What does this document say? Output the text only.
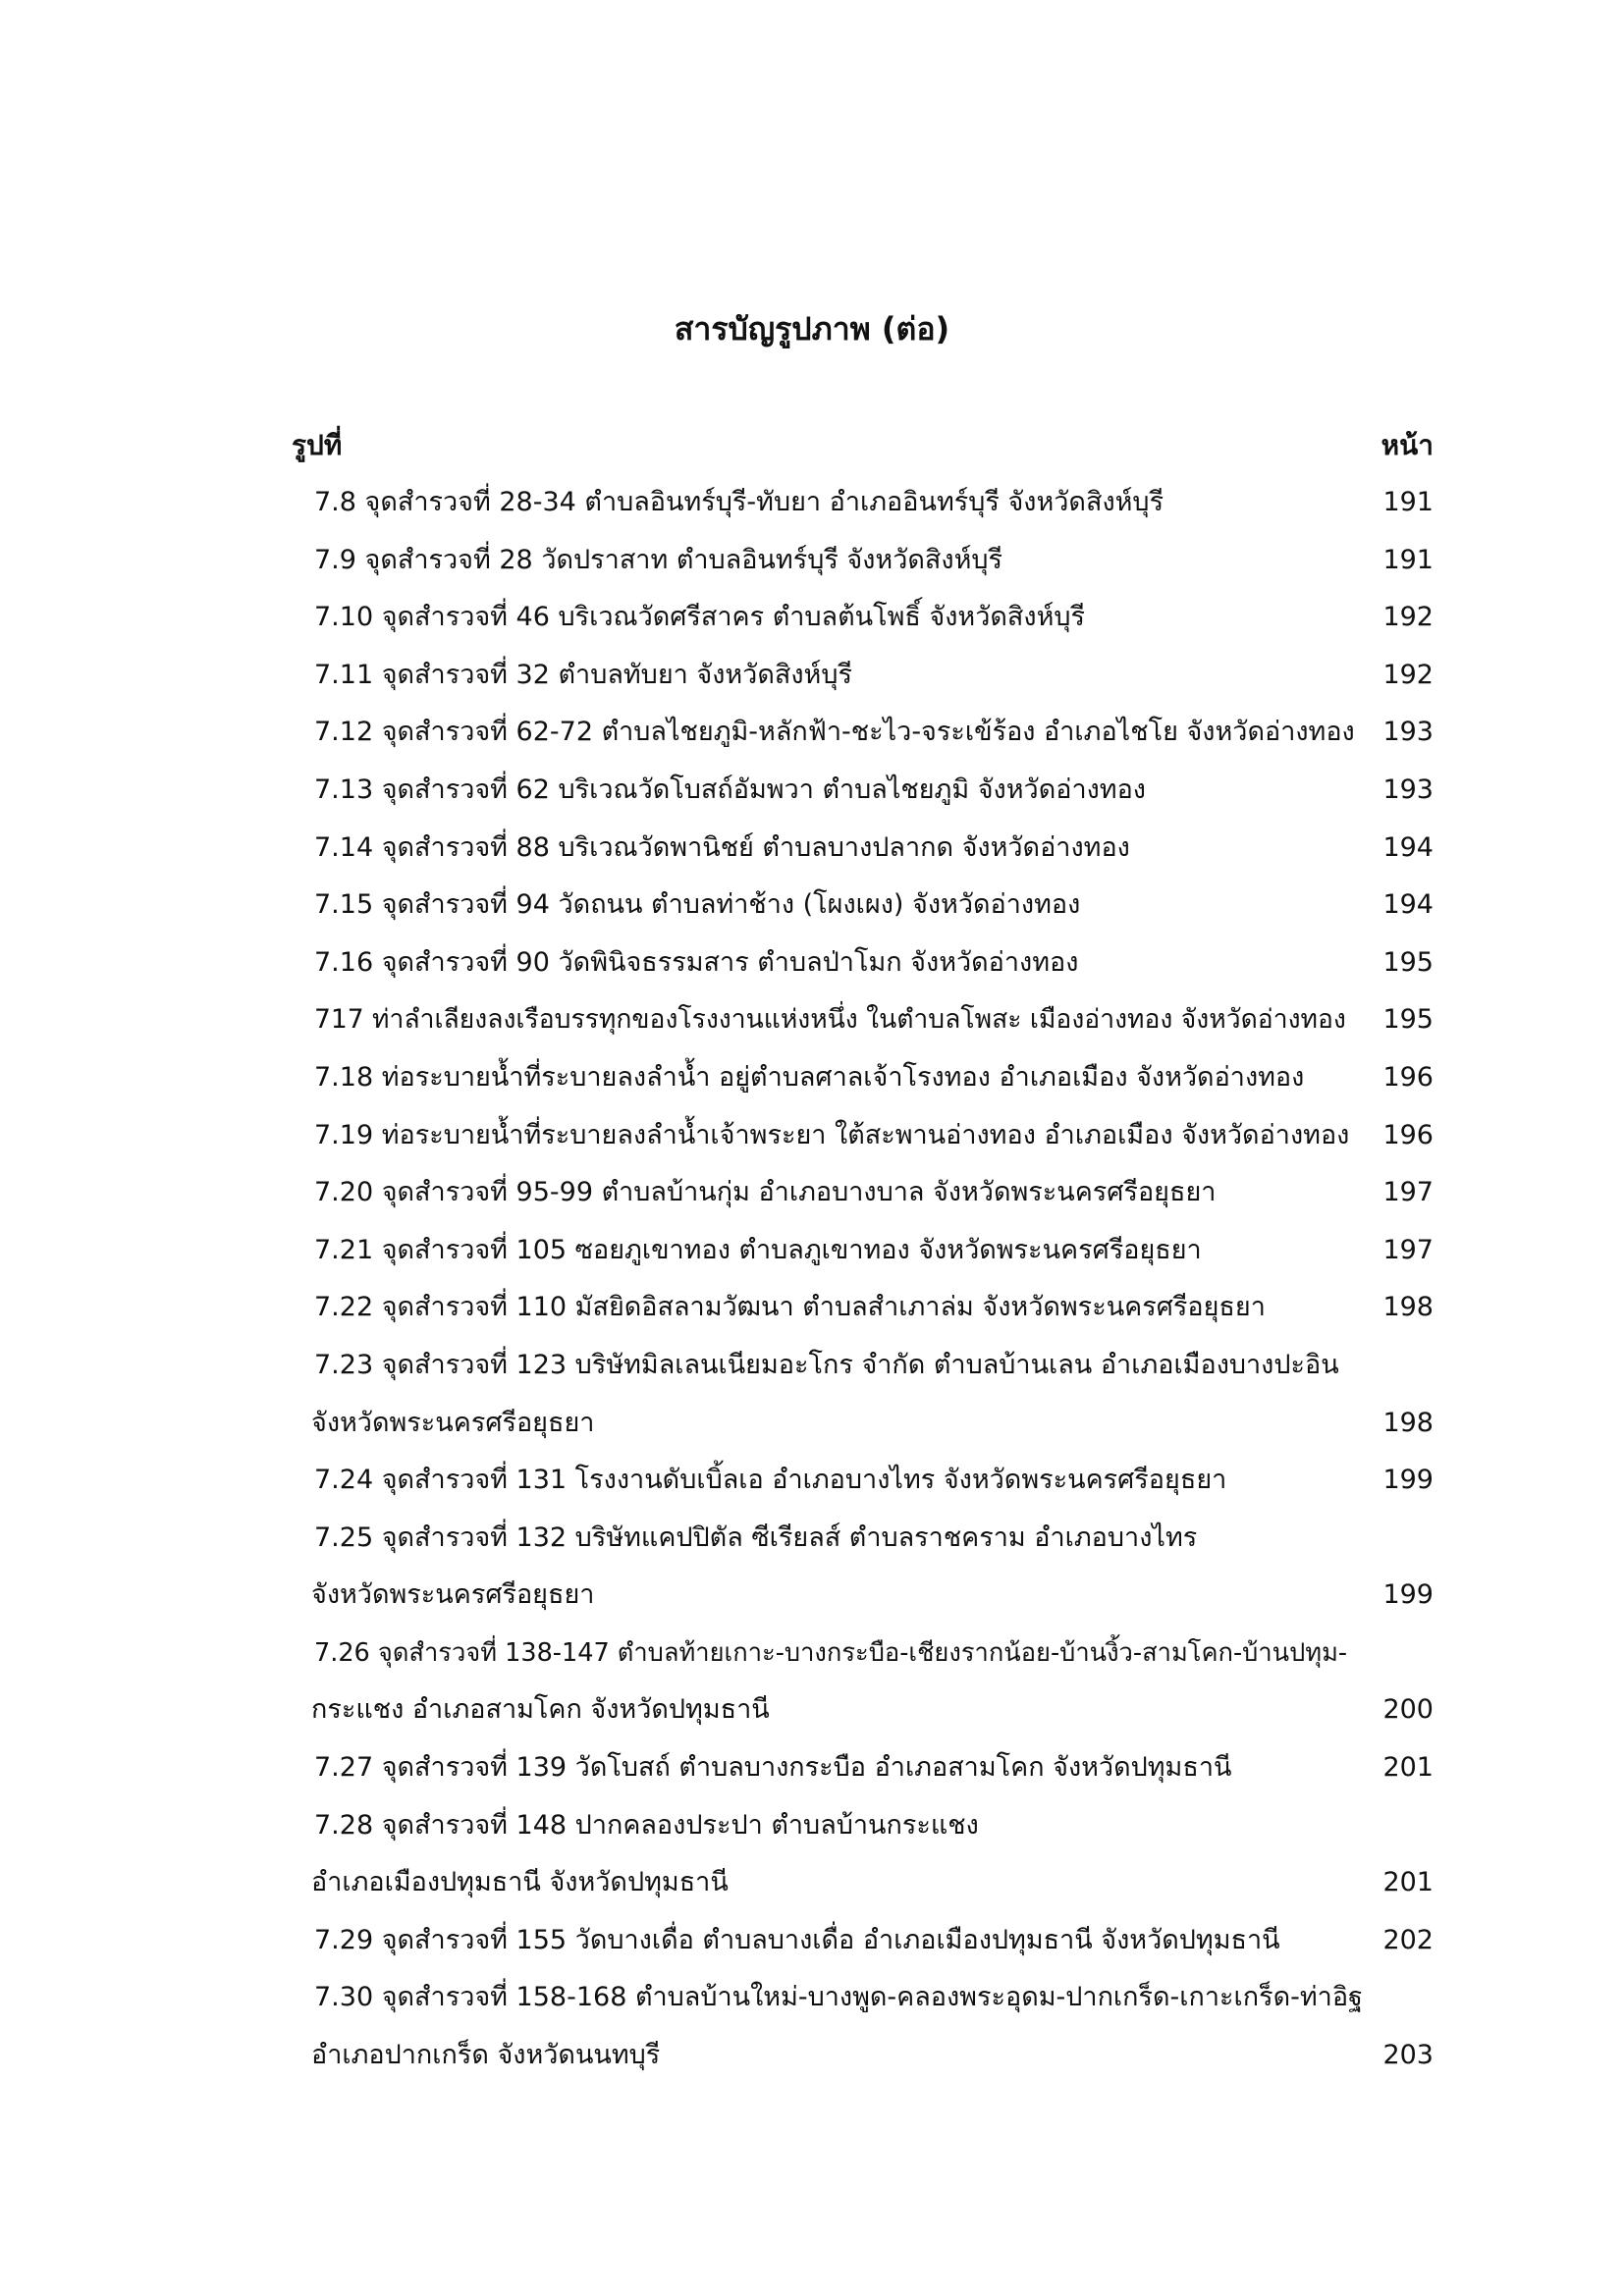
สารบัญรูปภาพ (ต่อ)
รูปที่	หน้า
7.8 จุดสำรวจที่ 28-34 ตำบลอินทร์บุรี-ทับยา อำเภออินทร์บุรี จังหวัดสิงห์บุรี	191
7.9 จุดสำรวจที่ 28 วัดปราสาท ตำบลอินทร์บุรี จังหวัดสิงห์บุรี	191
7.10 จุดสำรวจที่ 46 บริเวณวัดศรีสาคร ตำบลต้นโพธิ์ จังหวัดสิงห์บุรี	192
7.11 จุดสำรวจที่ 32 ตำบลทับยา จังหวัดสิงห์บุรี	192
7.12 จุดสำรวจที่ 62-72 ตำบลไชยภูมิ-หลักฟ้า-ชะไว-จระเข้ร้อง อำเภอไชโย จังหวัดอ่างทอง 193
7.13 จุดสำรวจที่ 62 บริเวณวัดโบสถ์อัมพวา ตำบลไชยภูมิ จังหวัดอ่างทอง	193
7.14 จุดสำรวจที่ 88 บริเวณวัดพานิชย์ ตำบลบางปลากด จังหวัดอ่างทอง	194
7.15 จุดสำรวจที่ 94 วัดถนน ตำบลท่าช้าง (โผงเผง) จังหวัดอ่างทอง	194
7.16 จุดสำรวจที่ 90 วัดพินิจธรรมสาร ตำบลป่าโมก จังหวัดอ่างทอง	195
717 ท่าลำเลียงลงเรือบรรทุกของโรงงานแห่งหนึ่ง ในตำบลโพสะ เมืองอ่างทอง จังหวัดอ่างทอง 195
7.18 ท่อระบายน้ำที่ระบายลงลำน้ำ อยู่ตำบลศาลเจ้าโรงทอง อำเภอเมือง จังหวัดอ่างทอง	196
7.19 ท่อระบายน้ำที่ระบายลงลำน้ำเจ้าพระยา ใต้สะพานอ่างทอง อำเภอเมือง จังหวัดอ่างทอง 196
7.20 จุดสำรวจที่ 95-99 ตำบลบ้านกุ่ม อำเภอบางบาล จังหวัดพระนครศรีอยุธยา	197
7.21 จุดสำรวจที่ 105 ซอยภูเขาทอง ตำบลภูเขาทอง จังหวัดพระนครศรีอยุธยา	197
7.22 จุดสำรวจที่ 110 มัสยิดอิสลามวัฒนา ตำบลสำเภาล่ม จังหวัดพระนครศรีอยุธยา	198
7.23 จุดสำรวจที่ 123 บริษัทมิลเลนเนียมอะโกร จำกัด ตำบลบ้านเลน อำเภอเมืองบางปะอิน
จังหวัดพระนครศรีอยุธยา	198
7.24 จุดสำรวจที่ 131 โรงงานดับเบิ้ลเอ อำเภอบางไทร จังหวัดพระนครศรีอยุธยา	199
7.25 จุดสำรวจที่ 132 บริษัทแคปปิตัล ซีเรียลส์ ตำบลราชคราม อำเภอบางไทร
จังหวัดพระนครศรีอยุธยา	199
7.26 จุดสำรวจที่ 138-147 ตำบลท้ายเกาะ-บางกระบือ-เชียงรากน้อย-บ้านงิ้ว-สามโคก-บ้านปทุม-
กระแชง อำเภอสามโคก จังหวัดปทุมธานี	200
7.27 จุดสำรวจที่ 139 วัดโบสถ์ ตำบลบางกระบือ อำเภอสามโคก จังหวัดปทุมธานี	201
7.28 จุดสำรวจที่ 148 ปากคลองประปา ตำบลบ้านกระแชง
อำเภอเมืองปทุมธานี จังหวัดปทุมธานี	201
7.29 จุดสำรวจที่ 155 วัดบางเดื่อ ตำบลบางเดื่อ อำเภอเมืองปทุมธานี จังหวัดปทุมธานี	202
7.30 จุดสำรวจที่ 158-168 ตำบลบ้านใหม่-บางพูด-คลองพระอุดม-ปากเกร็ด-เกาะเกร็ด-ท่าอิฐ
อำเภอปากเกร็ด จังหวัดนนทบุรี	203
